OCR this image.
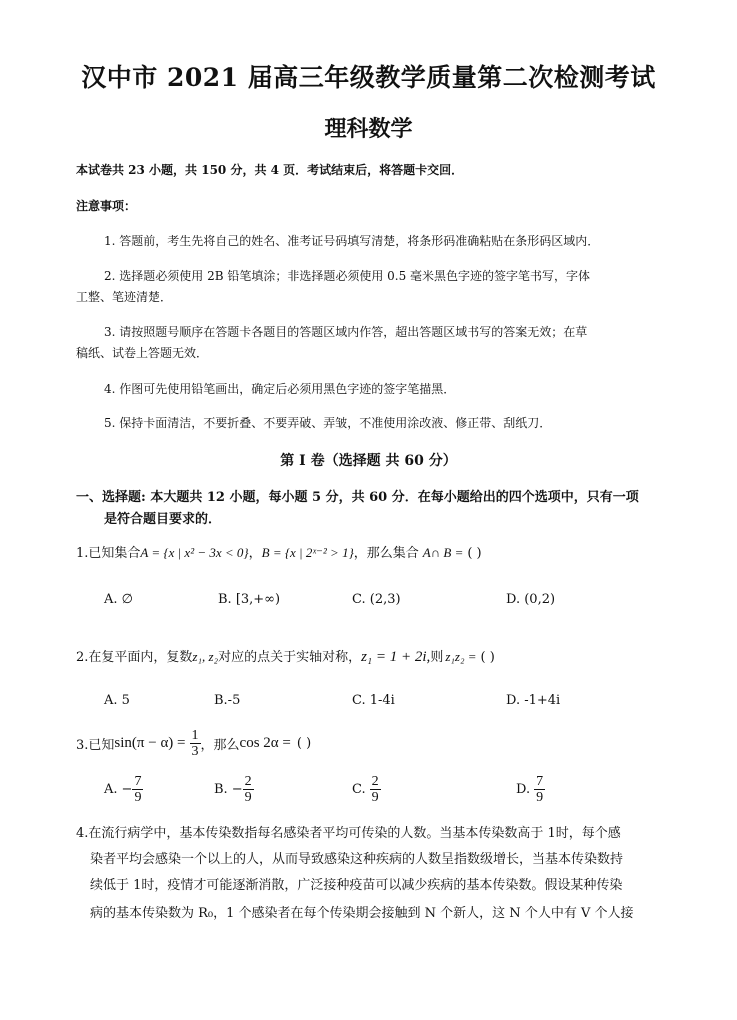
汉中市 2021 届高三年级教学质量第二次检测考试
理科数学
本试卷共 23 小题，共 150 分，共 4 页．考试结束后，将答题卡交回．
注意事项：
1. 答题前，考生先将自己的姓名、准考证号码填写清楚，将条形码准确粘贴在条形码区域内．
2. 选择题必须使用 2B 铅笔填涂；非选择题必须使用 0.5 毫米黑色字迹的签字笔书写，字体
工整、笔迹清楚．
3. 请按照题号顺序在答题卡各题目的答题区域内作答，超出答题区域书写的答案无效；在草
稿纸、试卷上答题无效．
4. 作图可先使用铅笔画出，确定后必须用黑色字迹的签字笔描黑．
5. 保持卡面清洁，不要折叠、不要弄破、弄皱，不准使用涂改液、修正带、刮纸刀．
第 I 卷（选择题 共 60 分）
一、选择题: 本大题共 12 小题，每小题 5 分，共 60 分．在每小题给出的四个选项中，只有一项
是符合题目要求的．
1.已知集合A = {x | x² − 3x < 0}，B = {x | 2ˣ⁻² > 1}，那么集合 A∩ B = ( )
A. ∅	B. [3,+∞)	C. (2,3)	D. (0,2)
2.在复平面内，复数z₁, z₂对应的点关于实轴对称，z₁ = 1 + 2i,则 z₁z₂ = ( )
A. 5	B.-5	C. 1-4i	D. -1+4i
3.已知 $\sin(\pi - \alpha) = \frac{1}{3}$ ，那么 cos 2α = ( )
A. − $\frac{7}{9}$	B. − $\frac{2}{9}$	C. $\frac{2}{9}$	D. $\frac{7}{9}$
4.在流行病学中，基本传染数指每名感染者平均可传染的人数。当基本传染数高于 1时，每个感
染者平均会感染一个以上的人，从而导致感染这种疾病的人数呈指数级增长，当基本传染数持
续低于 1时，疫情才可能逐渐消散，广泛接种疫苗可以减少疾病的基本传染数。假设某种传染
病的基本传染数为 R₀，1 个感染者在每个传染期会接触到 N 个新人，这 N 个人中有 V 个人接
